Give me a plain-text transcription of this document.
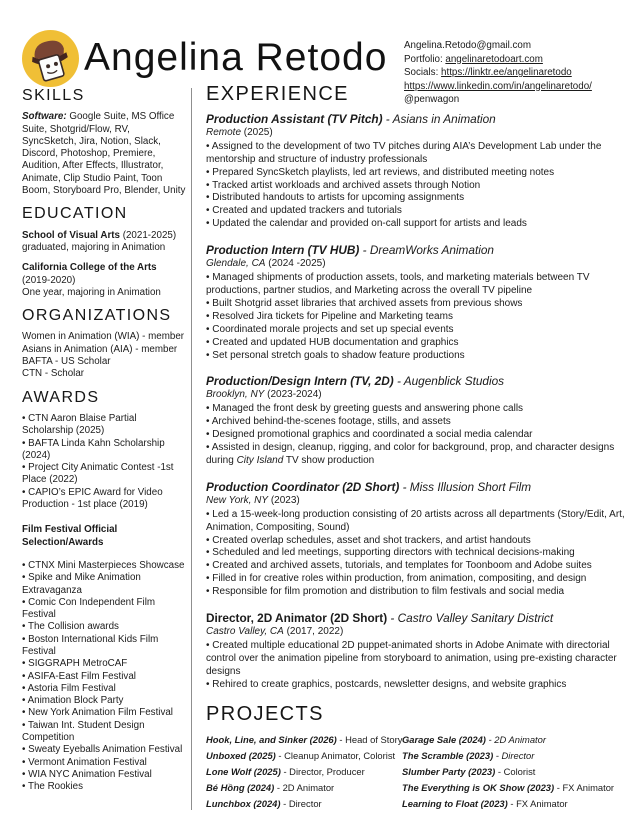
Angelina Retodo Angelina.Retodo@gmail.com
Portfolio: angelinaretodoart.com
Socials: https://linktr.ee/angelinaretodo
https://www.linkedin.com/in/angelinaretodo/
@penwagon
SKILLS
Software: Google Suite, MS Office Suite, Shotgrid/Flow, RV, SyncSketch, Jira, Notion, Slack, Discord, Photoshop, Premiere, Audition, After Effects, Illustrator, Animate, Clip Studio Paint, Toon Boom, Storyboard Pro, Blender, Unity
EDUCATION
School of Visual Arts (2021-2025)
graduated, majoring in Animation
California College of the Arts (2019-2020)
One year, majoring in Animation
ORGANIZATIONS
Women in Animation (WIA) - member
Asians in Animation (AIA) - member
BAFTA - US Scholar
CTN - Scholar
AWARDS
• CTN Aaron Blaise Partial Scholarship (2025)
• BAFTA Linda Kahn Scholarship (2024)
• Project City Animatic Contest -1st Place (2022)
• CAPIO’s EPIC Award for Video Production - 1st place (2019)
Film Festival Official Selection/Awards
• CTNX Mini Masterpieces Showcase
• Spike and Mike Animation Extravaganza
• Comic Con Independent Film Festival
• The Collision awards
• Boston International Kids Film Festival
• SIGGRAPH MetroCAF
• ASIFA-East Film Festival
• Astoria Film Festival
• Animation Block Party
• New York Animation Film Festival
• Taiwan Int. Student Design Competition
• Sweaty Eyeballs Animation Festival
• Vermont Animation Festival
• WIA NYC Animation Festival
• The Rookies
EXPERIENCE
Production Assistant (TV Pitch) - Asians in Animation
Remote (2025)
• Assigned to the development of two TV pitches during AIA’s Development Lab under the mentorship and structure of industry professionals
• Prepared SyncSketch playlists, led art reviews, and distributed meeting notes
• Tracked artist workloads and archived assets through Notion
• Distributed handouts to artists for upcoming assignments
• Created and updated trackers and tutorials
• Updated the calendar and provided on-call support for artists and leads
Production Intern (TV HUB) - DreamWorks Animation
Glendale, CA (2024 -2025)
• Managed shipments of production assets, tools, and marketing materials between TV productions, partner studios, and Marketing across the overall TV pipeline
• Built Shotgrid asset libraries that archived assets from previous shows
• Resolved Jira tickets for Pipeline and Marketing teams
• Coordinated morale projects and set up special events
• Created and updated HUB documentation and graphics
• Set personal stretch goals to shadow feature productions
Production/Design Intern (TV, 2D) - Augenblick Studios
Brooklyn, NY (2023-2024)
• Managed the front desk by greeting guests and answering phone calls
• Archived behind-the-scenes footage, stills, and assets
• Designed promotional graphics and coordinated a social media calendar
• Assisted in design, cleanup, rigging, and color for background, prop, and character designs during City Island TV show production
Production Coordinator (2D Short) - Miss Illusion Short Film
New York, NY (2023)
• Led a 15-week-long production consisting of 20 artists across all departments (Story/Edit, Art, Animation, Compositing, Sound)
• Created overlap schedules, asset and shot trackers, and artist handouts
• Scheduled and led meetings, supporting directors with technical decisions-making
• Created and archived assets, tutorials, and templates for Toonboom and Adobe suites
• Filled in for creative roles within production, from animation, compositing, and design
• Responsible for film promotion and distribution to film festivals and social media
Director, 2D Animator (2D Short) - Castro Valley Sanitary District
Castro Valley, CA (2017, 2022)
• Created multiple educational 2D puppet-animated shorts in Adobe Animate with directorial control over the animation pipeline from storyboard to animation, using pre-existing character designs
• Rehired to create graphics, postcards, newsletter designs, and website graphics
PROJECTS
Hook, Line, and Sinker (2026) - Head of Story
Unboxed (2025) - Cleanup Animator, Colorist
Lone Wolf (2025) - Director, Producer
Bé Hồng (2024) - 2D Animator
Lunchbox (2024) - Director
Garage Sale (2024) - 2D Animator
The Scramble (2023) - Director
Slumber Party (2023) - Colorist
The Everything is OK Show (2023) - FX Animator
Learning to Float (2023) - FX Animator
